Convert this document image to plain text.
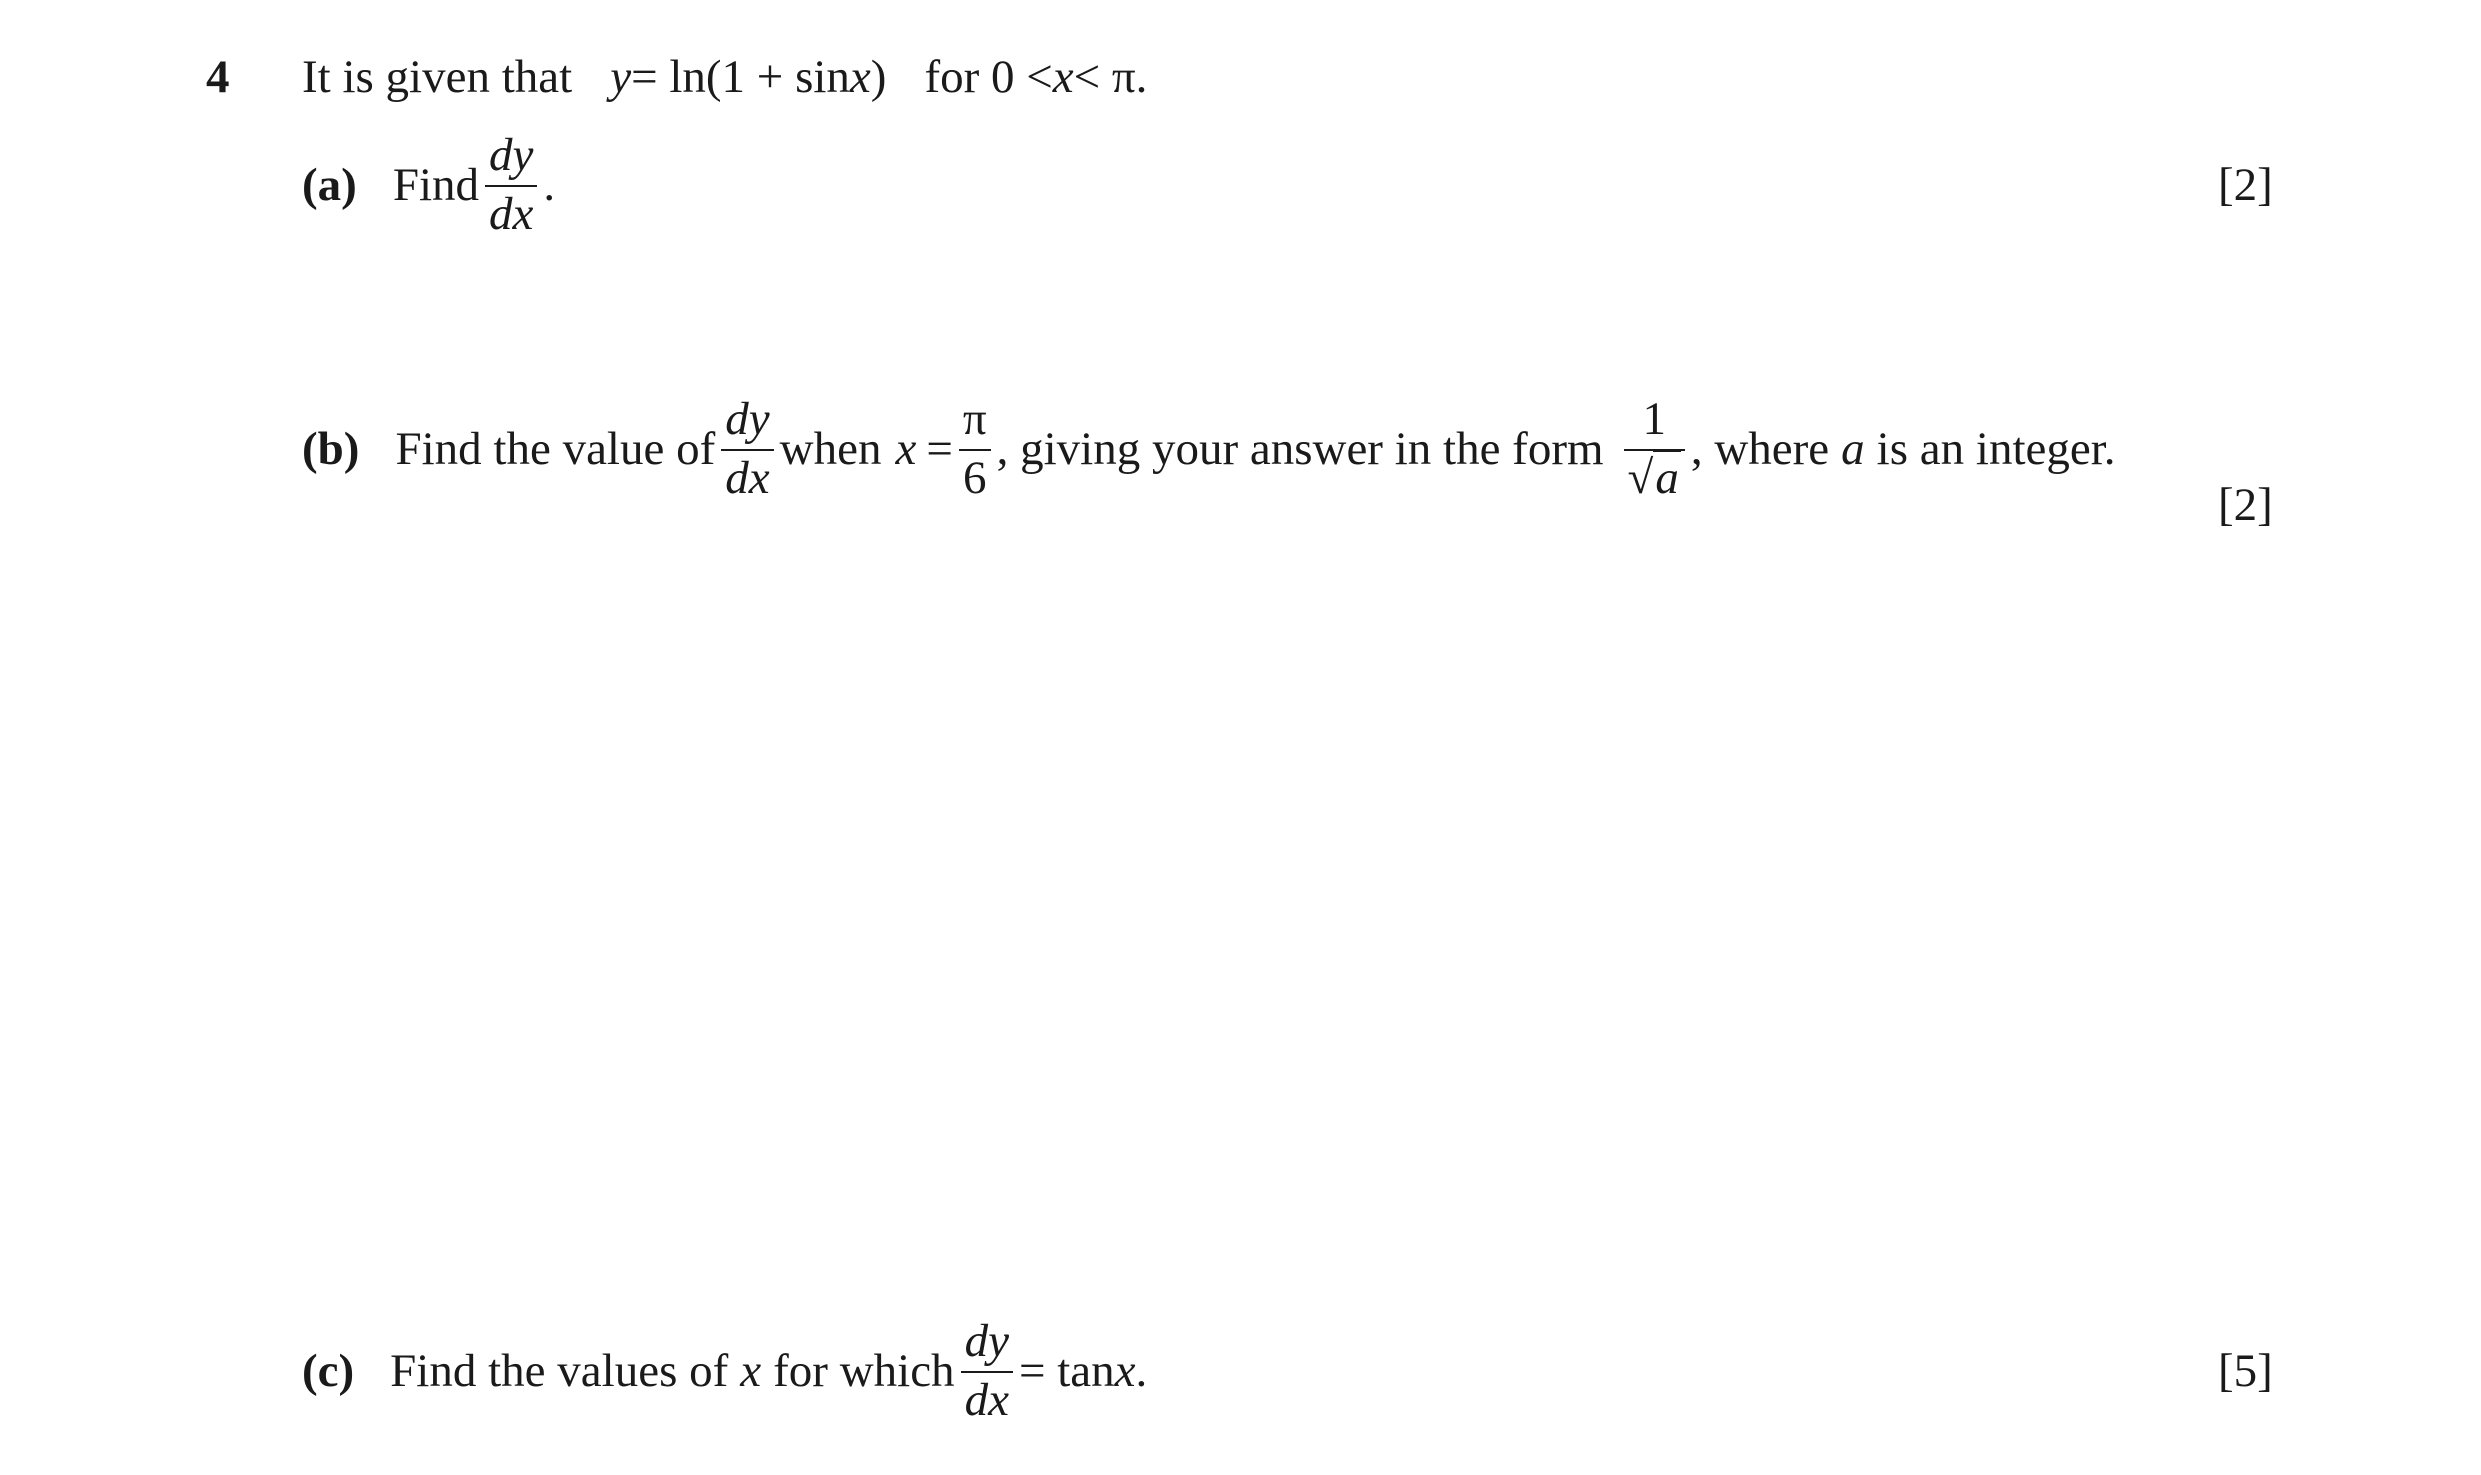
4 It is given that y = ln(1 + sin x ) for 0 < x < π.
(a) Find $\frac{dy}{dx}$ .	[2]
(b) Find the value of $\frac{dy}{dx}$ when $x = \frac{\pi}{6}$ , giving your answer in the form $\frac{1}{√a}$ , where a is an integer.
[2]
(c) Find the values of x for which $\frac{dy}{dx} = \tan x$ .	[5]
